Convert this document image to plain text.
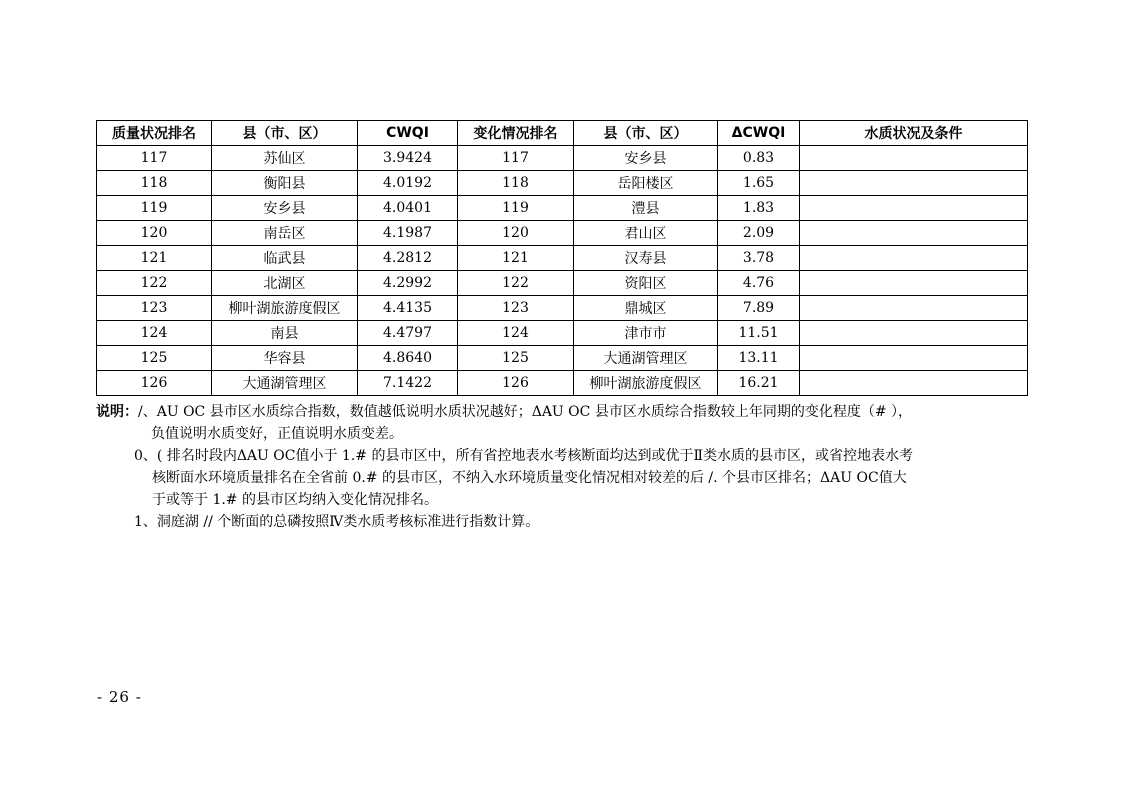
质量状况排名	县（市、区）	CWQI	变化情况排名	县（市、区）	ΔCWQI	水质状况及条件
117	苏仙区	3.9424	117	安乡县	0.83	
118	衡阳县	4.0192	118	岳阳楼区	1.65	
119	安乡县	4.0401	119	澧县	1.83	
120	南岳区	4.1987	120	君山区	2.09	
121	临武县	4.2812	121	汉寿县	3.78	
122	北湖区	4.2992	122	资阳区	4.76	
123	柳叶湖旅游度假区	4.4135	123	鼎城区	7.89	
124	南县	4.4797	124	津市市	11.51	
125	华容县	4.8640	125	大通湖管理区	13.11	
126	大通湖管理区	7.1422	126	柳叶湖旅游度假区	16.21	
说明：/、AU OC 县市区水质综合指数，数值越低说明水质状况越好；ΔAU OC 县市区水质综合指数较上年同期的变化程度（# ），
负值说明水质变好，正值说明水质变差。
0、( 排名时段内ΔAU OC值小于 1.# 的县市区中，所有省控地表水考核断面均达到或优于Ⅱ类水质的县市区，或省控地表水考
核断面水环境质量排名在全省前 0.# 的县市区，不纳入水环境质量变化情况相对较差的后 /. 个县市区排名；ΔAU OC值大
于或等于 1.# 的县市区均纳入变化情况排名。
1、洞庭湖 // 个断面的总磷按照Ⅳ类水质考核标准进行指数计算。
- 26 -
